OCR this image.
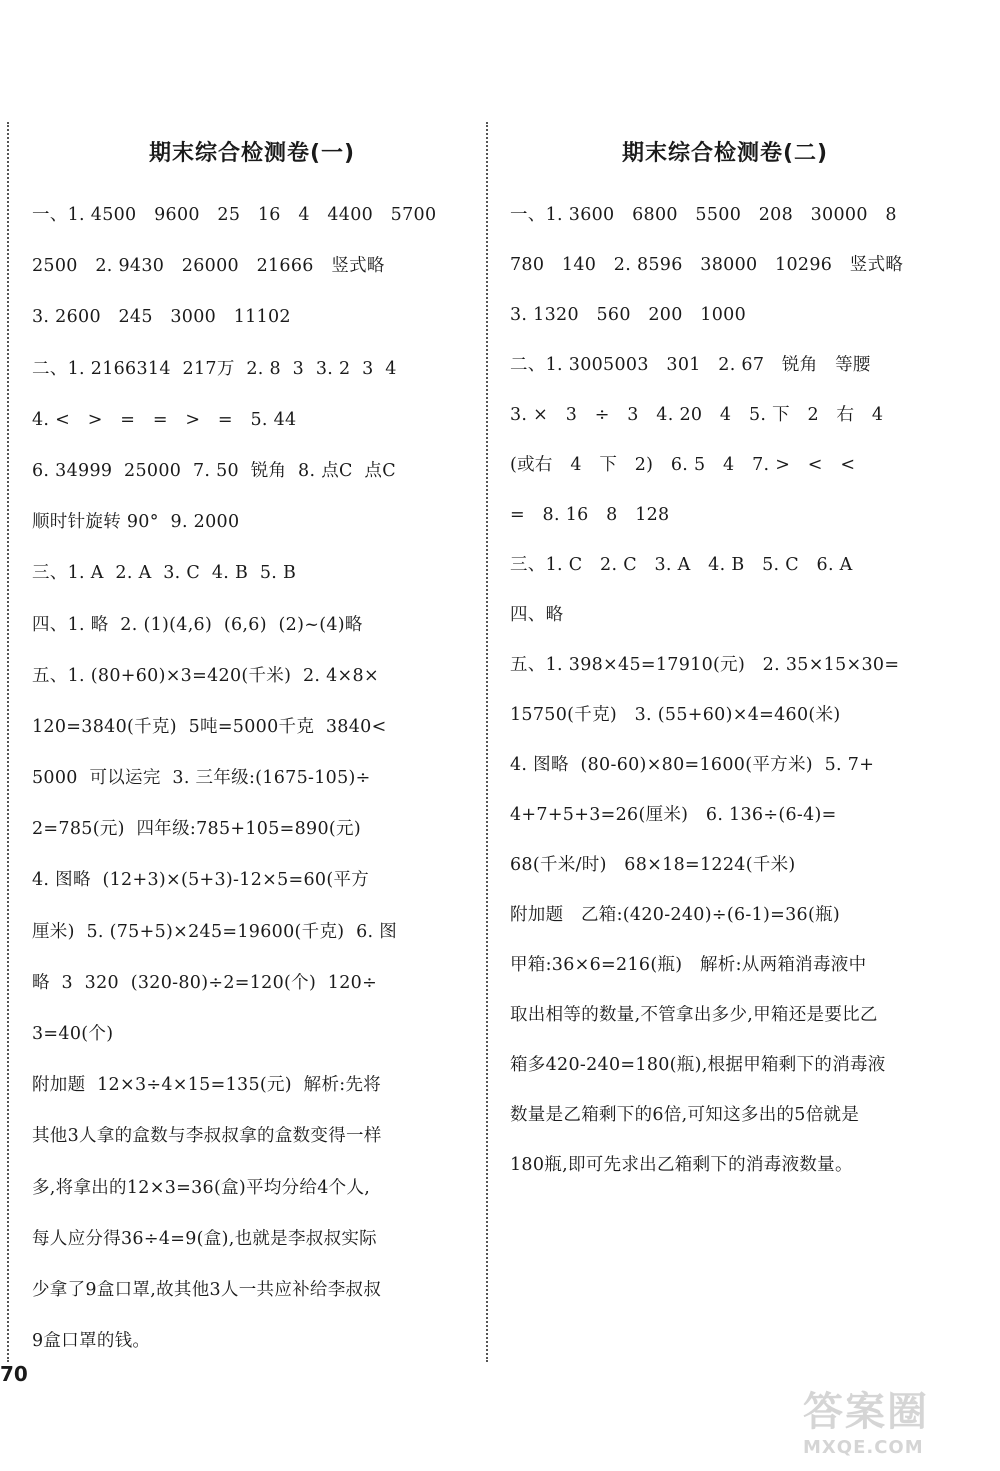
期末综合检测卷(一)
一、1. 4500   9600   25   16   4   4400   5700
2500   2. 9430   26000   21666   竖式略
3. 2600   245   3000   11102
二、1. 2166314  217万  2. 8  3  3. 2  3  4
4. <   >   =   =   >   =   5. 44
6. 34999  25000  7. 50  锐角  8. 点C  点C
顺时针旋转 90°  9. 2000
三、1. A  2. A  3. C  4. B  5. B
四、1. 略  2. (1)(4,6)  (6,6)  (2)~(4)略
五、1. (80+60)×3=420(千米)  2. 4×8×
120=3840(千克)  5吨=5000千克  3840<
5000  可以运完  3. 三年级:(1675-105)÷
2=785(元)  四年级:785+105=890(元)
4. 图略  (12+3)×(5+3)-12×5=60(平方
厘米)  5. (75+5)×245=19600(千克)  6. 图
略  3  320  (320-80)÷2=120(个)  120÷
3=40(个)
附加题  12×3÷4×15=135(元)  解析:先将
其他3人拿的盒数与李叔叔拿的盒数变得一样
多,将拿出的12×3=36(盒)平均分给4个人,
每人应分得36÷4=9(盒),也就是李叔叔实际
少拿了9盒口罩,故其他3人一共应补给李叔叔
9盒口罩的钱。
期末综合检测卷(二)
一、1. 3600   6800   5500   208   30000   8
780   140   2. 8596   38000   10296   竖式略
3. 1320   560   200   1000
二、1. 3005003   301   2. 67   锐角   等腰
3. ×   3   ÷   3   4. 20   4   5. 下   2   右   4
(或右   4   下   2)   6. 5   4   7. >   <   <
=   8. 16   8   128
三、1. C   2. C   3. A   4. B   5. C   6. A
四、略
五、1. 398×45=17910(元)   2. 35×15×30=
15750(千克)   3. (55+60)×4=460(米)
4. 图略  (80-60)×80=1600(平方米)  5. 7+
4+7+5+3=26(厘米)   6. 136÷(6-4)=
68(千米/时)   68×18=1224(千米)
附加题   乙箱:(420-240)÷(6-1)=36(瓶)
甲箱:36×6=216(瓶)   解析:从两箱消毒液中
取出相等的数量,不管拿出多少,甲箱还是要比乙
箱多420-240=180(瓶),根据甲箱剩下的消毒液
数量是乙箱剩下的6倍,可知这多出的5倍就是
180瓶,即可先求出乙箱剩下的消毒液数量。
70
答案圈
MXQE.COM
